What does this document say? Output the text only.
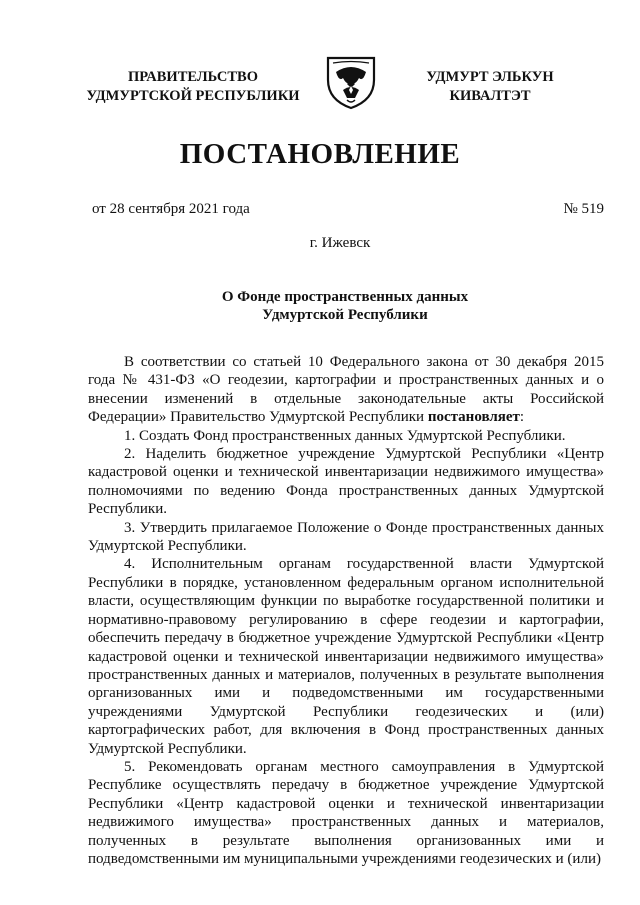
ПРАВИТЕЛЬСТВО
УДМУРТСКОЙ РЕСПУБЛИКИ
УДМУРТ ЭЛЬКУН
КИВАЛТЭТ
ПОСТАНОВЛЕНИЕ
от 28 сентября 2021 года	№ 519
г. Ижевск
О Фонде пространственных данных
Удмуртской Республики

В соответствии со статьей 10 Федерального закона от 30 декабря 2015 года № 431-ФЗ «О геодезии, картографии и пространственных данных и о внесении изменений в отдельные законодательные акты Российской Федерации» Правительство Удмуртской Республики постановляет:

1. Создать Фонд пространственных данных Удмуртской Республики.

2. Наделить бюджетное учреждение Удмуртской Республики «Центр кадастровой оценки и технической инвентаризации недвижимого имущества» полномочиями по ведению Фонда пространственных данных Удмуртской Республики.

3. Утвердить прилагаемое Положение о Фонде пространственных данных Удмуртской Республики.

4. Исполнительным органам государственной власти Удмуртской Республики в порядке, установленном федеральным органом исполнительной власти, осуществляющим функции по выработке государственной политики и нормативно-правовому регулированию в сфере геодезии и картографии, обеспечить передачу в бюджетное учреждение Удмуртской Республики «Центр кадастровой оценки и технической инвентаризации недвижимого имущества» пространственных данных и материалов, полученных в результате выполнения организованных ими и подведомственными им государственными учреждениями Удмуртской Республики геодезических и (или) картографических работ, для включения в Фонд пространственных данных Удмуртской Республики.

5. Рекомендовать органам местного самоуправления в Удмуртской Республике осуществлять передачу в бюджетное учреждение Удмуртской Республики «Центр кадастровой оценки и технической инвентаризации недвижимого имущества» пространственных данных и материалов, полученных в результате выполнения организованных ими и подведомственными им муниципальными учреждениями геодезических и (или)
